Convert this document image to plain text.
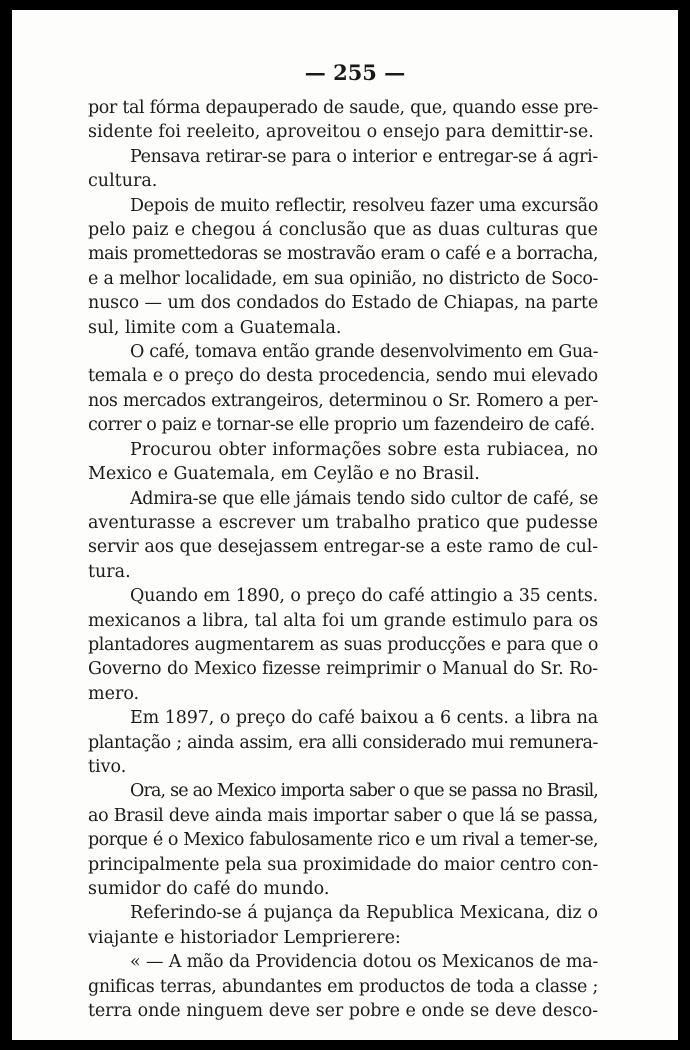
— 255 —
por tal fórma depauperado de saude, que, quando esse pre-
sidente foi reeleito, aproveitou o ensejo para demittir-se.
Pensava retirar-se para o interior e entregar-se á agri-
cultura.
Depois de muito reflectir, resolveu fazer uma excursão
pelo paiz e chegou á conclusão que as duas culturas que
mais promettedoras se mostravão eram o café e a borracha,
e a melhor localidade, em sua opinião, no districto de Soco-
nusco — um dos condados do Estado de Chiapas, na parte
sul, limite com a Guatemala.
O café, tomava então grande desenvolvimento em Gua-
temala e o preço do desta procedencia, sendo mui elevado
nos mercados extrangeiros, determinou o Sr. Romero a per-
correr o paiz e tornar-se elle proprio um fazendeiro de café.
Procurou obter informações sobre esta rubiacea, no
Mexico e Guatemala, em Ceylão e no Brasil.
Admira-se que elle jámais tendo sido cultor de café, se
aventurasse a escrever um trabalho pratico que pudesse
servir aos que desejassem entregar-se a este ramo de cul-
tura.
Quando em 1890, o preço do café attingio a 35 cents.
mexicanos a libra, tal alta foi um grande estimulo para os
plantadores augmentarem as suas producções e para que o
Governo do Mexico fizesse reimprimir o Manual do Sr. Ro-
mero.
Em 1897, o preço do café baixou a 6 cents. a libra na
plantação ; ainda assim, era alli considerado mui remunera-
tivo.
Ora, se ao Mexico importa saber o que se passa no Brasil,
ao Brasil deve ainda mais importar saber o que lá se passa,
porque é o Mexico fabulosamente rico e um rival a temer-se,
principalmente pela sua proximidade do maior centro con-
sumidor do café do mundo.
Referindo-se á pujança da Republica Mexicana, diz o
viajante e historiador Lemprierere:
« — A mão da Providencia dotou os Mexicanos de ma-
gnificas terras, abundantes em productos de toda a classe ;
terra onde ninguem deve ser pobre e onde se deve desco-
